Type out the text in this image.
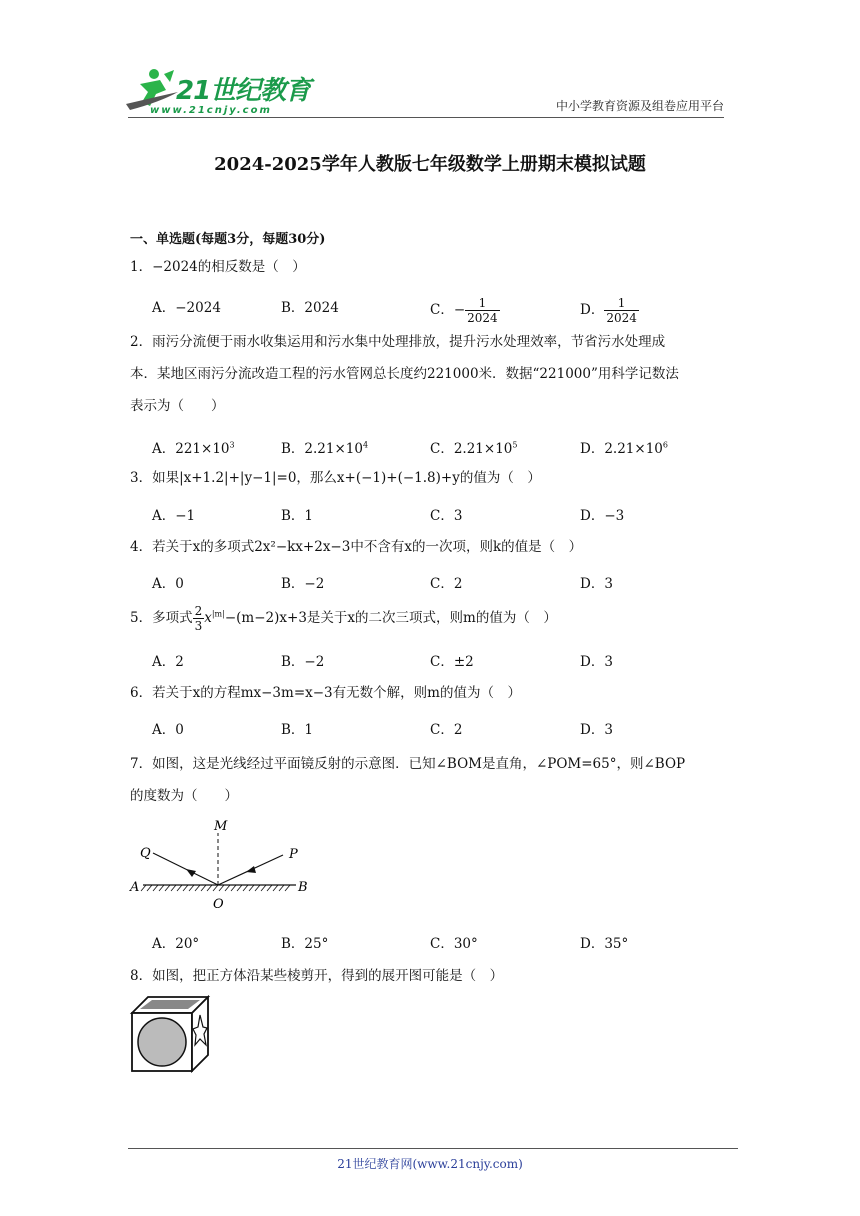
21世纪教育
www.21cnjy.com	中小学教育资源及组卷应用平台
2024-2025学年人教版七年级数学上册期末模拟试题
一、单选题(每题3分，每题30分)
1．−2024的相反数是（　）
A．−2024	B．2024	C．− $\frac{1}{2024}$	D． $\frac{1}{2024}$
2．雨污分流便于雨水收集运用和污水集中处理排放，提升污水处理效率，节省污水处理成
本．某地区雨污分流改造工程的污水管网总长度约221000米．数据“221000”用科学记数法
表示为（　　）
A．$221\times 10^3$	B．$2.21\times 10^4$	C．$2.21\times 10^5$	D．$2.21\times 10^6$
3．如果|x+1.2|+|y−1|=0，那么x+(−1)+(−1.8)+y的值为（　）
A．−1	B．1	C．3	D．−3
4．若关于x的多项式2x²−kx+2x−3中不含有x的一次项，则k的值是（　）
A．0	B．−2	C．2	D．3
5．多项式 $\frac{2}{3} x^{|m|}-(m-2)x+3$是关于x的二次三项式，则m的值为（　）
A．2	B．−2	C．±2	D．3
6．若关于x的方程mx−3m=x−3有无数个解，则m的值为（　）
A．0	B．1	C．2	D．3
7．如图，这是光线经过平面镜反射的示意图．已知∠BOM是直角，∠POM=65°，则∠BOP
的度数为（　　）
M
Q	P
A	B
O
A．20°	B．25°	C．30°	D．35°
8．如图，把正方体沿某些棱剪开，得到的展开图可能是（　）
21世纪教育网(www.21cnjy.com)
